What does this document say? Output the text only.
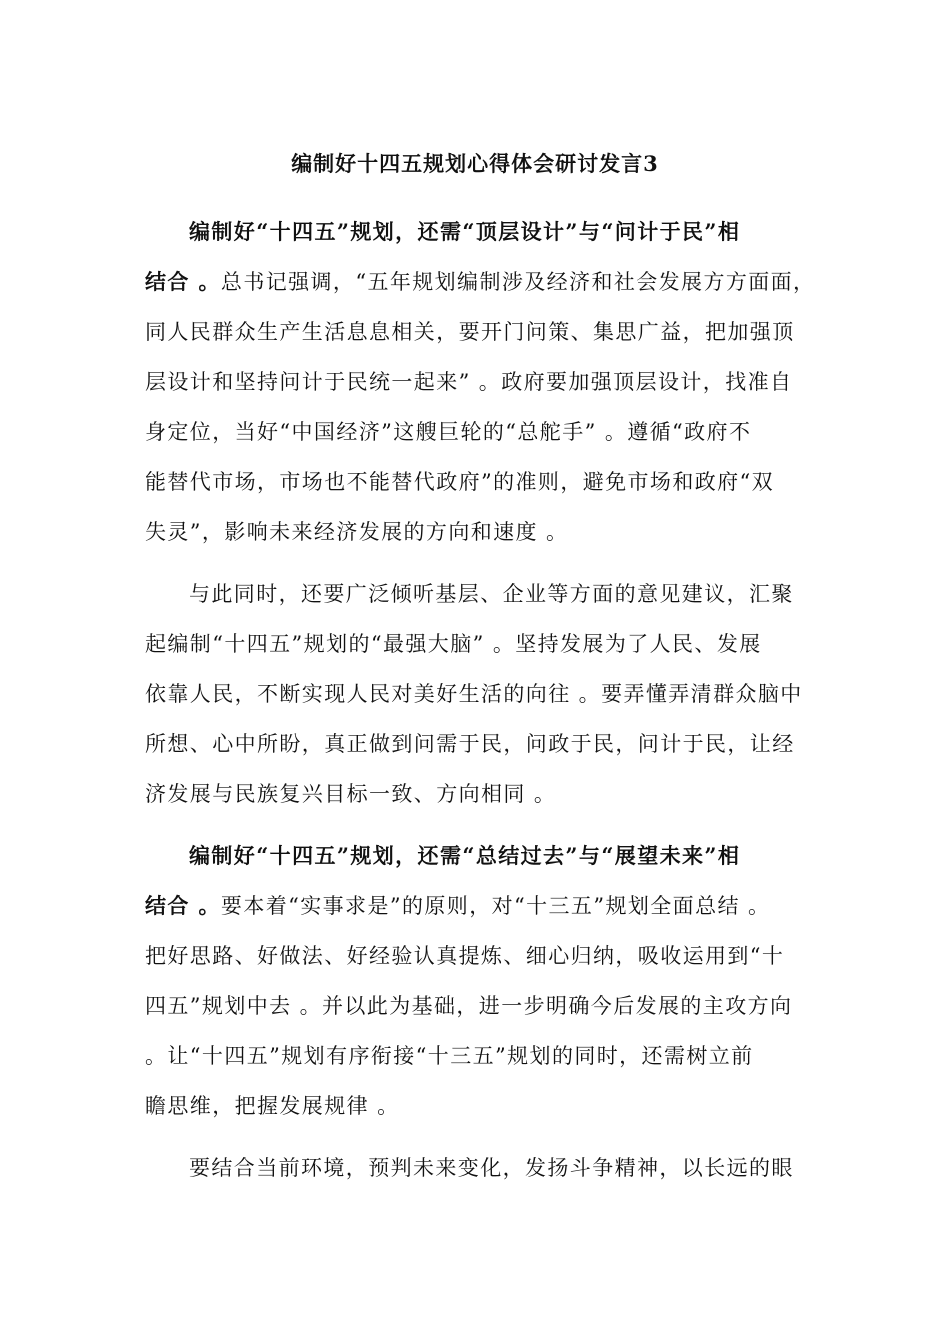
编制好十四五规划心得体会研讨发言3
编制好“十四五”规划，还需“顶层设计”与“问计于民”相
结合 。总书记强调，“五年规划编制涉及经济和社会发展方方面面，
同人民群众生产生活息息相关，要开门问策、集思广益，把加强顶
层设计和坚持问计于民统一起来” 。政府要加强顶层设计，找准自
身定位，当好“中国经济”这艘巨轮的“总舵手” 。遵循“政府不
能替代市场，市场也不能替代政府”的准则，避免市场和政府“双
失灵”，影响未来经济发展的方向和速度 。
与此同时，还要广泛倾听基层、企业等方面的意见建议，汇聚
起编制“十四五”规划的“最强大脑” 。坚持发展为了人民、发展
依靠人民，不断实现人民对美好生活的向往 。要弄懂弄清群众脑中
所想、心中所盼，真正做到问需于民，问政于民，问计于民，让经
济发展与民族复兴目标一致、方向相同 。
编制好“十四五”规划，还需“总结过去”与“展望未来”相
结合 。要本着“实事求是”的原则，对“十三五”规划全面总结 。
把好思路、好做法、好经验认真提炼、细心归纳，吸收运用到“十
四五”规划中去 。并以此为基础，进一步明确今后发展的主攻方向
。让“十四五”规划有序衔接“十三五”规划的同时，还需树立前
瞻思维，把握发展规律 。
要结合当前环境，预判未来变化，发扬斗争精神，以长远的眼
